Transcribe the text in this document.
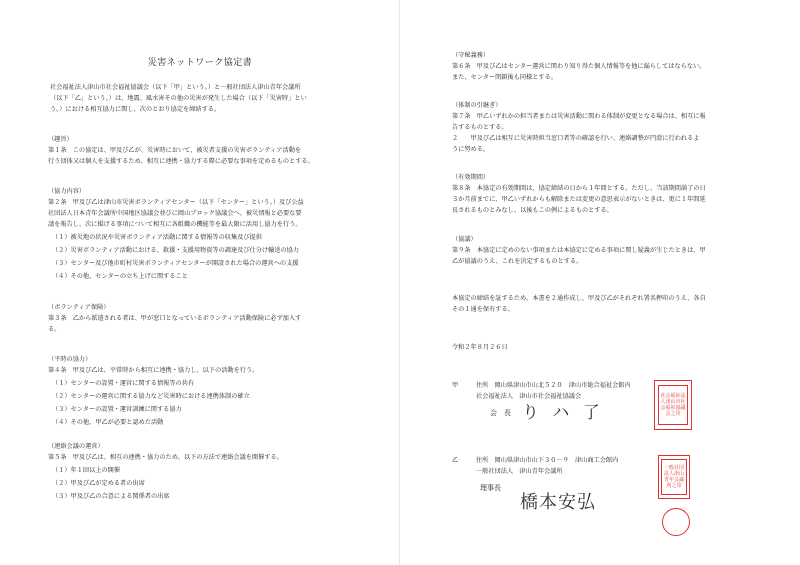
災害ネットワーク協定書
社会福祉法人津山市社会福祉協議会（以下「甲」という。）と一般社団法人津山青年会議所
（以下「乙」という。）は、地震、風水害その他の災害が発生した場合（以下「災害時」とい
う。）における相互協力に関し、次のとおり協定を締結する。
（趣旨）
第１条　この協定は、甲及び乙が、災害時において、被災者支援の災害ボランティア活動を
行う団体又は個人を支援するため、相互に連携・協力する際に必要な事項を定めるものとする。
（協力内容）
第２条　甲及び乙は津山市災害ボランティアセンター（以下「センター」という。）及び公益
社団法人日本青年会議所中国地区協議会並びに岡山ブロック協議会へ、被災情報と必要な要
請を報告し、次に掲げる事項について相互に各組織の機能等を最大限に活用し協力を行う。
（１）被災地の状況や災害ボランティア活動に関する情報等の収集及び提供
（２）災害ボランティア活動における、救援・支援用物資等の調達及び仕分け輸送の協力
（３）センター及び他市町村災害ボランティアセンターが開設された場合の運営への支援
（４）その他、センターの立ち上げに関すること
（ボランティア保険）
第３条　乙から派遣される者は、甲が窓口となっているボランティア活動保険に必ず加入す
る。
（平時の協力）
第４条　甲及び乙は、平常時から相互に連携・協力し、以下の活動を行う。
（１）センターの設置・運営に関する情報等の共有
（２）センターの運営に関する協力など災害時における連携体制の確立
（３）センターの設置・運営訓練に関する協力
（４）その他、甲乙が必要と認めた活動
（連絡会議の運営）
第５条　甲及び乙は、相互の連携・協力のため、以下の方法で連絡会議を開催する。
（１）年１回以上の開催
（２）甲及び乙が定める者の出席
（３）甲及び乙の合意による関係者の出席
（守秘義務）
第６条　甲及び乙はセンター運営に関わり知り得た個人情報等を他に漏らしてはならない。
また、センター閉鎖後も同様とする。
（体制の引継ぎ）
第７条　甲乙いずれかの担当者または災害活動に関わる体制が変更となる場合は、相互に報
告するものとする。
２　　甲及び乙は相互に災害時担当窓口者等の確認を行い、連絡調整が円滑に行われるよ
うに努める。
（有効期間）
第８条　本協定の有効期間は、協定締結の日から１年間とする。ただし、当該期間満了の日
３か月前までに、甲乙いずれからも解除または変更の意思表示がないときは、更に１年間延
長されるものとみなし、以後もこの例によるものとする。
（協議）
第９条　本協定に定めのない事項または本協定に定める事項に関し疑義が生じたときは、甲
乙が協議のうえ、これを決定するものとする。
本協定の締結を証するため、本書を２通作成し、甲及び乙がそれぞれ署名押印のうえ、各自
その１通を保有する。
令和２年８月２６日
甲	住所　岡山県津山市山北５２０　津山市総合福祉会館内
社会福祉法人　津山市社会福祉協議会
会　長 り ハ 了
社会福祉法人津山市社会福祉協議会之印
乙	住所　岡山県津山市山下３０－９　津山商工会館内
一般社団法人　津山青年会議所
理事長
橋本安弘
一般社団法人津山青年会議所之印
